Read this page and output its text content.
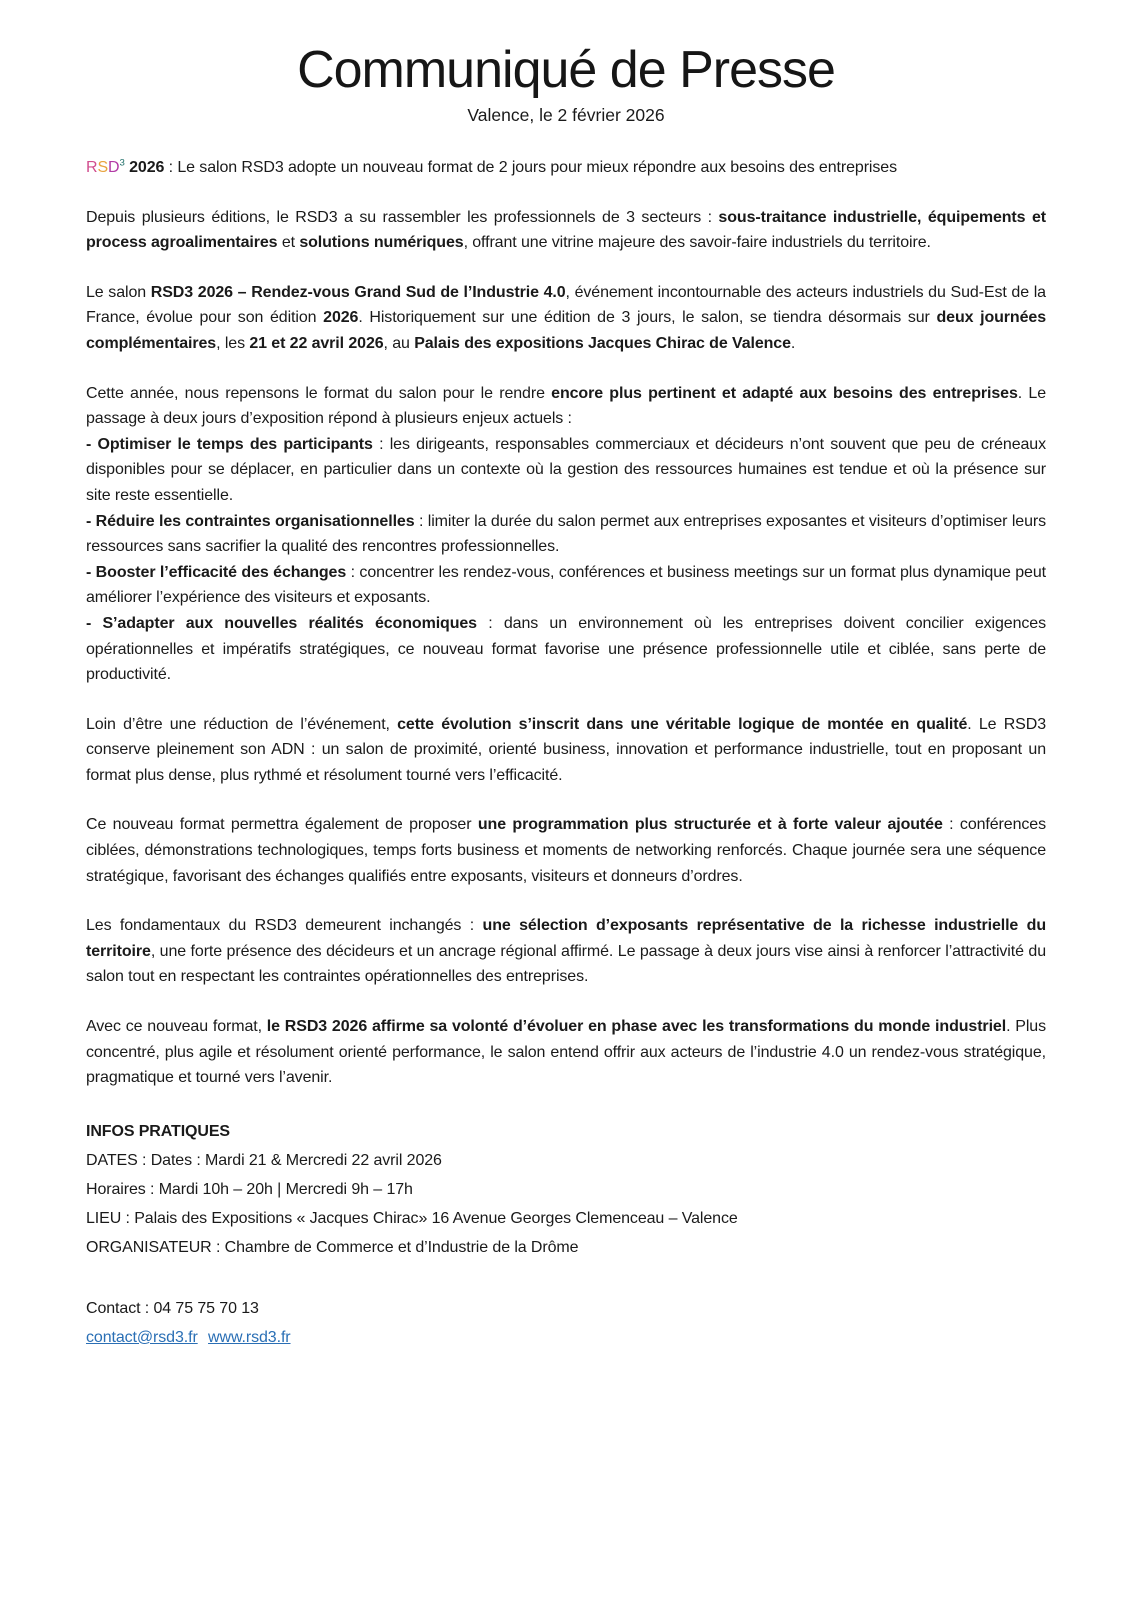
Communiqué de Presse
Valence, le 2 février 2026

RSD$^3$ 2026 : Le salon RSD3 adopte un nouveau format de 2 jours pour mieux répondre aux besoins des entreprises

Depuis plusieurs éditions, le RSD3 a su rassembler les professionnels de 3 secteurs : sous-traitance industrielle, équipements et process agroalimentaires et solutions numériques, offrant une vitrine majeure des savoir-faire industriels du territoire.

Le salon RSD3 2026 – Rendez-vous Grand Sud de l’Industrie 4.0, événement incontournable des acteurs industriels du Sud-Est de la France, évolue pour son édition 2026. Historiquement sur une édition de 3 jours, le salon, se tiendra désormais sur deux journées complémentaires, les 21 et 22 avril 2026, au Palais des expositions Jacques Chirac de Valence.

Cette année, nous repensons le format du salon pour le rendre encore plus pertinent et adapté aux besoins des entreprises. Le passage à deux jours d’exposition répond à plusieurs enjeux actuels :

- Optimiser le temps des participants : les dirigeants, responsables commerciaux et décideurs n’ont souvent que peu de créneaux disponibles pour se déplacer, en particulier dans un contexte où la gestion des ressources humaines est tendue et où la présence sur site reste essentielle.

- Réduire les contraintes organisationnelles : limiter la durée du salon permet aux entreprises exposantes et visiteurs d’optimiser leurs ressources sans sacrifier la qualité des rencontres professionnelles.

- Booster l’efficacité des échanges : concentrer les rendez-vous, conférences et business meetings sur un format plus dynamique peut améliorer l’expérience des visiteurs et exposants.

- S’adapter aux nouvelles réalités économiques : dans un environnement où les entreprises doivent concilier exigences opérationnelles et impératifs stratégiques, ce nouveau format favorise une présence professionnelle utile et ciblée, sans perte de productivité.

Loin d’être une réduction de l’événement, cette évolution s’inscrit dans une véritable logique de montée en qualité. Le RSD3 conserve pleinement son ADN : un salon de proximité, orienté business, innovation et performance industrielle, tout en proposant un format plus dense, plus rythmé et résolument tourné vers l’efficacité.

Ce nouveau format permettra également de proposer une programmation plus structurée et à forte valeur ajoutée : conférences ciblées, démonstrations technologiques, temps forts business et moments de networking renforcés. Chaque journée sera une séquence stratégique, favorisant des échanges qualifiés entre exposants, visiteurs et donneurs d’ordres.

Les fondamentaux du RSD3 demeurent inchangés : une sélection d’exposants représentative de la richesse industrielle du territoire, une forte présence des décideurs et un ancrage régional affirmé. Le passage à deux jours vise ainsi à renforcer l’attractivité du salon tout en respectant les contraintes opérationnelles des entreprises.

Avec ce nouveau format, le RSD3 2026 affirme sa volonté d’évoluer en phase avec les transformations du monde industriel. Plus concentré, plus agile et résolument orienté performance, le salon entend offrir aux acteurs de l’industrie 4.0 un rendez-vous stratégique, pragmatique et tourné vers l’avenir.

INFOS PRATIQUES
DATES : Dates : Mardi 21 & Mercredi 22 avril 2026
Horaires : Mardi 10h – 20h | Mercredi 9h – 17h
LIEU : Palais des Expositions « Jacques Chirac» 16 Avenue Georges Clemenceau – Valence
ORGANISATEUR : Chambre de Commerce et d’Industrie de la Drôme
Contact : 04 75 75 70 13
contact@rsd3.fr www.rsd3.fr
